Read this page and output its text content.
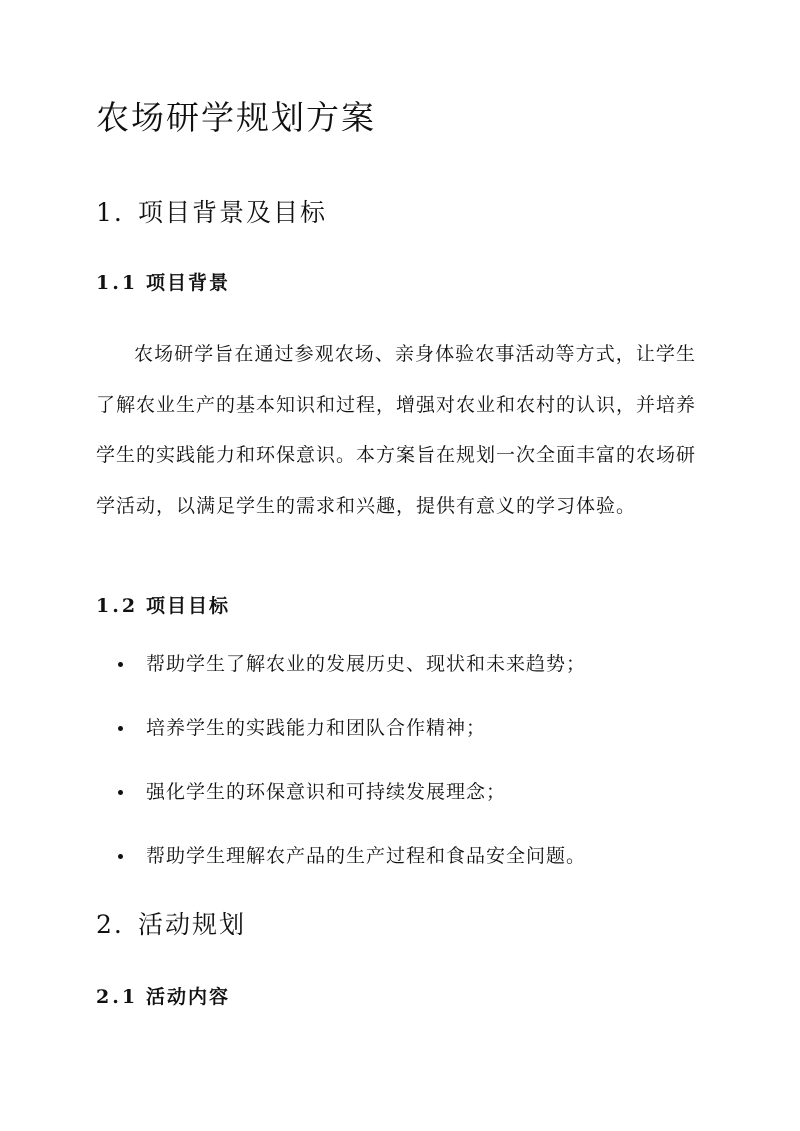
农场研学规划方案
1. 项目背景及目标
1.1 项目背景

农场研学旨在通过参观农场、亲身体验农事活动等方式，让学生了解农业生产的基本知识和过程，增强对农业和农村的认识，并培养学生的实践能力和环保意识。本方案旨在规划一次全面丰富的农场研学活动，以满足学生的需求和兴趣，提供有意义的学习体验。

1.2 项目目标
帮助学生了解农业的发展历史、现状和未来趋势；
培养学生的实践能力和团队合作精神；
强化学生的环保意识和可持续发展理念；
帮助学生理解农产品的生产过程和食品安全问题。
2. 活动规划
2.1 活动内容
